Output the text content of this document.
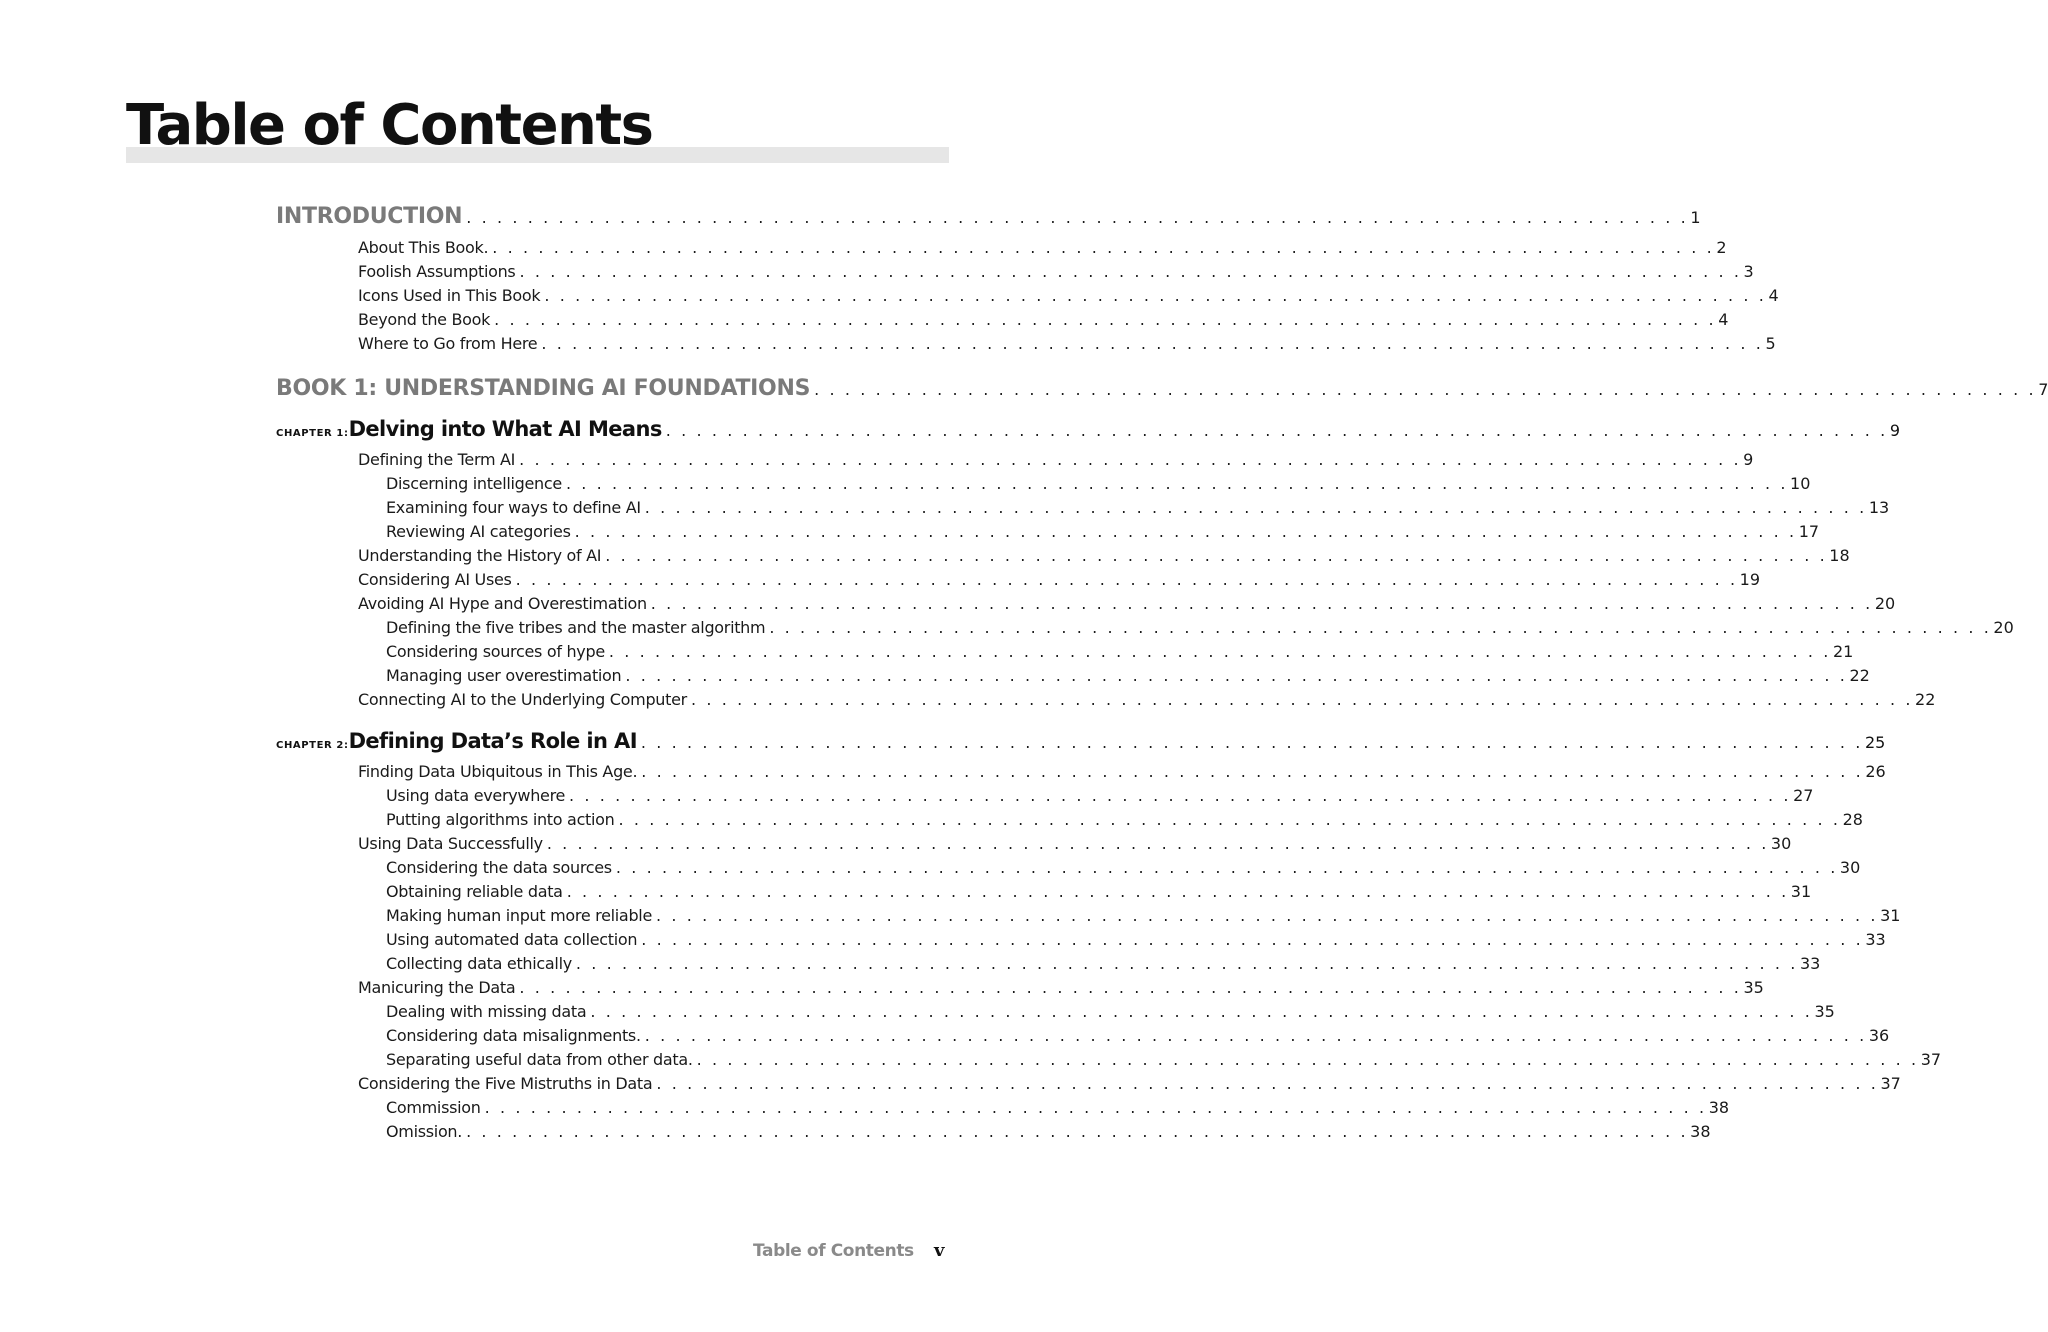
Table of Contents
INTRODUCTION . . . . . . . . . . . . . . . . . . . . . . . . . . . . . . . . . . . . . . . . . . . . . . . . . . . . . . . . . . . . . . . . . . . . . . . . . . . . . . . . 1
About This Book. . . . . . . . . . . . . . . . . . . . . . . . . . . . . . . . . . . . . . . . . . . . . . . . . . . . . . . . . . . . . . . . . . . . . . . . . . . . . . . . . 2
Foolish Assumptions . . . . . . . . . . . . . . . . . . . . . . . . . . . . . . . . . . . . . . . . . . . . . . . . . . . . . . . . . . . . . . . . . . . . . . . . . . . . . . . . 3
Icons Used in This Book . . . . . . . . . . . . . . . . . . . . . . . . . . . . . . . . . . . . . . . . . . . . . . . . . . . . . . . . . . . . . . . . . . . . . . . . . . . . . . . . 4
Beyond the Book . . . . . . . . . . . . . . . . . . . . . . . . . . . . . . . . . . . . . . . . . . . . . . . . . . . . . . . . . . . . . . . . . . . . . . . . . . . . . . . . 4
Where to Go from Here . . . . . . . . . . . . . . . . . . . . . . . . . . . . . . . . . . . . . . . . . . . . . . . . . . . . . . . . . . . . . . . . . . . . . . . . . . . . . . . . 5
BOOK 1: UNDERSTANDING AI FOUNDATIONS . . . . . . . . . . . . . . . . . . . . . . . . . . . . . . . . . . . . . . . . . . . . . . . . . . . . . . . . . . . . . . . . . . . . . . . . . . . . . . . . 7
CHAPTER 1: Delving into What AI Means . . . . . . . . . . . . . . . . . . . . . . . . . . . . . . . . . . . . . . . . . . . . . . . . . . . . . . . . . . . . . . . . . . . . . . . . . . . . . . . . 9
Defining the Term AI . . . . . . . . . . . . . . . . . . . . . . . . . . . . . . . . . . . . . . . . . . . . . . . . . . . . . . . . . . . . . . . . . . . . . . . . . . . . . . . . 9
Discerning intelligence . . . . . . . . . . . . . . . . . . . . . . . . . . . . . . . . . . . . . . . . . . . . . . . . . . . . . . . . . . . . . . . . . . . . . . . . . . . . . . . . 10
Examining four ways to define AI . . . . . . . . . . . . . . . . . . . . . . . . . . . . . . . . . . . . . . . . . . . . . . . . . . . . . . . . . . . . . . . . . . . . . . . . . . . . . . . . 13
Reviewing AI categories . . . . . . . . . . . . . . . . . . . . . . . . . . . . . . . . . . . . . . . . . . . . . . . . . . . . . . . . . . . . . . . . . . . . . . . . . . . . . . . . 17
Understanding the History of AI . . . . . . . . . . . . . . . . . . . . . . . . . . . . . . . . . . . . . . . . . . . . . . . . . . . . . . . . . . . . . . . . . . . . . . . . . . . . . . . . 18
Considering AI Uses . . . . . . . . . . . . . . . . . . . . . . . . . . . . . . . . . . . . . . . . . . . . . . . . . . . . . . . . . . . . . . . . . . . . . . . . . . . . . . . . 19
Avoiding AI Hype and Overestimation . . . . . . . . . . . . . . . . . . . . . . . . . . . . . . . . . . . . . . . . . . . . . . . . . . . . . . . . . . . . . . . . . . . . . . . . . . . . . . . . 20
Defining the five tribes and the master algorithm . . . . . . . . . . . . . . . . . . . . . . . . . . . . . . . . . . . . . . . . . . . . . . . . . . . . . . . . . . . . . . . . . . . . . . . . . . . . . . . . 20
Considering sources of hype . . . . . . . . . . . . . . . . . . . . . . . . . . . . . . . . . . . . . . . . . . . . . . . . . . . . . . . . . . . . . . . . . . . . . . . . . . . . . . . . 21
Managing user overestimation . . . . . . . . . . . . . . . . . . . . . . . . . . . . . . . . . . . . . . . . . . . . . . . . . . . . . . . . . . . . . . . . . . . . . . . . . . . . . . . . 22
Connecting AI to the Underlying Computer . . . . . . . . . . . . . . . . . . . . . . . . . . . . . . . . . . . . . . . . . . . . . . . . . . . . . . . . . . . . . . . . . . . . . . . . . . . . . . . . 22
CHAPTER 2: Defining Data’s Role in AI . . . . . . . . . . . . . . . . . . . . . . . . . . . . . . . . . . . . . . . . . . . . . . . . . . . . . . . . . . . . . . . . . . . . . . . . . . . . . . . . 25
Finding Data Ubiquitous in This Age. . . . . . . . . . . . . . . . . . . . . . . . . . . . . . . . . . . . . . . . . . . . . . . . . . . . . . . . . . . . . . . . . . . . . . . . . . . . . . . . . 26
Using data everywhere . . . . . . . . . . . . . . . . . . . . . . . . . . . . . . . . . . . . . . . . . . . . . . . . . . . . . . . . . . . . . . . . . . . . . . . . . . . . . . . . 27
Putting algorithms into action . . . . . . . . . . . . . . . . . . . . . . . . . . . . . . . . . . . . . . . . . . . . . . . . . . . . . . . . . . . . . . . . . . . . . . . . . . . . . . . . 28
Using Data Successfully . . . . . . . . . . . . . . . . . . . . . . . . . . . . . . . . . . . . . . . . . . . . . . . . . . . . . . . . . . . . . . . . . . . . . . . . . . . . . . . . 30
Considering the data sources . . . . . . . . . . . . . . . . . . . . . . . . . . . . . . . . . . . . . . . . . . . . . . . . . . . . . . . . . . . . . . . . . . . . . . . . . . . . . . . . 30
Obtaining reliable data . . . . . . . . . . . . . . . . . . . . . . . . . . . . . . . . . . . . . . . . . . . . . . . . . . . . . . . . . . . . . . . . . . . . . . . . . . . . . . . . 31
Making human input more reliable . . . . . . . . . . . . . . . . . . . . . . . . . . . . . . . . . . . . . . . . . . . . . . . . . . . . . . . . . . . . . . . . . . . . . . . . . . . . . . . . 31
Using automated data collection . . . . . . . . . . . . . . . . . . . . . . . . . . . . . . . . . . . . . . . . . . . . . . . . . . . . . . . . . . . . . . . . . . . . . . . . . . . . . . . . 33
Collecting data ethically . . . . . . . . . . . . . . . . . . . . . . . . . . . . . . . . . . . . . . . . . . . . . . . . . . . . . . . . . . . . . . . . . . . . . . . . . . . . . . . . 33
Manicuring the Data . . . . . . . . . . . . . . . . . . . . . . . . . . . . . . . . . . . . . . . . . . . . . . . . . . . . . . . . . . . . . . . . . . . . . . . . . . . . . . . . 35
Dealing with missing data . . . . . . . . . . . . . . . . . . . . . . . . . . . . . . . . . . . . . . . . . . . . . . . . . . . . . . . . . . . . . . . . . . . . . . . . . . . . . . . . 35
Considering data misalignments. . . . . . . . . . . . . . . . . . . . . . . . . . . . . . . . . . . . . . . . . . . . . . . . . . . . . . . . . . . . . . . . . . . . . . . . . . . . . . . . . 36
Separating useful data from other data. . . . . . . . . . . . . . . . . . . . . . . . . . . . . . . . . . . . . . . . . . . . . . . . . . . . . . . . . . . . . . . . . . . . . . . . . . . . . . . . . 37
Considering the Five Mistruths in Data . . . . . . . . . . . . . . . . . . . . . . . . . . . . . . . . . . . . . . . . . . . . . . . . . . . . . . . . . . . . . . . . . . . . . . . . . . . . . . . . 37
Commission . . . . . . . . . . . . . . . . . . . . . . . . . . . . . . . . . . . . . . . . . . . . . . . . . . . . . . . . . . . . . . . . . . . . . . . . . . . . . . . . 38
Omission. . . . . . . . . . . . . . . . . . . . . . . . . . . . . . . . . . . . . . . . . . . . . . . . . . . . . . . . . . . . . . . . . . . . . . . . . . . . . . . . . 38
Table of Contents v
